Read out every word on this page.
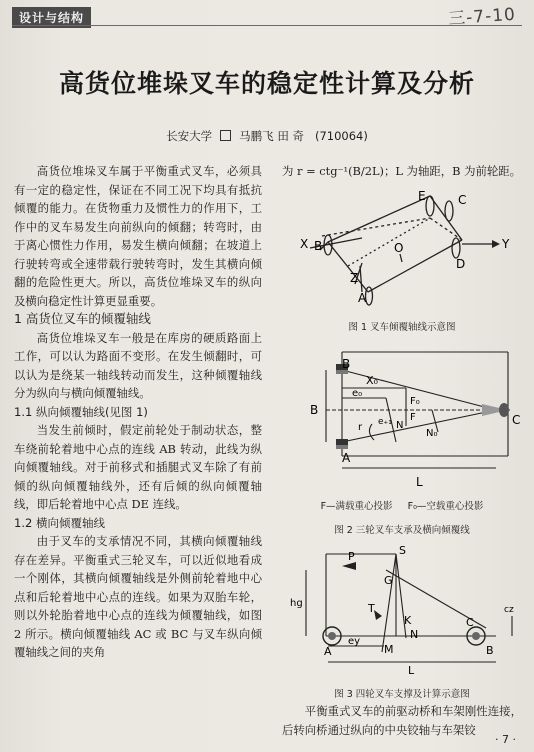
设计与结构	三-7-10
高货位堆垛叉车的稳定性计算及分析
长安大学 马鹏飞 田 奇 (710064)

高货位堆垛叉车属于平衡重式叉车，必须具有一定的稳定性，保证在不同工况下均具有抵抗倾覆的能力。在货物重力及惯性力的作用下，工作中的叉车易发生向前纵向的倾翻；转弯时，由于离心惯性力作用，易发生横向倾翻；在坡道上行驶转弯或全速带载行驶转弯时，发生其横向倾翻的危险性更大。所以，高货位堆垛叉车的纵向及横向稳定性计算更显重要。

1 高货位叉车的倾覆轴线

高货位堆垛叉车一般是在库房的硬质路面上工作，可以认为路面不变形。在发生倾翻时，可以认为是绕某一轴线转动而发生，这种倾覆轴线分为纵向与横向倾覆轴线。

1.1 纵向倾覆轴线(见图 1)

当发生前倾时，假定前轮处于制动状态，整车绕前轮着地中心点的连线 AB 转动，此线为纵向倾覆轴线。对于前移式和插腿式叉车除了有前倾的纵向倾覆轴线外，还有后倾的纵向倾覆轴线，即后轮着地中心点 DE 连线。

1.2 横向倾覆轴线

由于叉车的支承情况不同，其横向倾覆轴线存在差异。平衡重式三轮叉车，可以近似地看成一个刚体，其横向倾覆轴线是外侧前轮着地中心点和后轮着地中心点的连线。如果为双胎车轮，则以外轮胎着地中心点的连线为倾覆轴线，如图 2 所示。横向倾覆轴线 AC 或 BC 与叉车纵向倾覆轴线之间的夹角

为 r = ctg⁻¹(B/2L)；L 为轴距，B 为前轮距。
X	Y
Z
A
B
C
D
E
O
图 1 叉车倾覆轴线示意图
B
A
C
L
X₀
e₀
F₀
F
N₀
N
e₊₁
r
B
F—满载重心投影 F₀—空载重心投影
图 2 三轮叉车支承及横向倾覆线
S
P
G
T
K
hg
N
A	M	B
C
ey
L
cz
图 3 四轮叉车支撑及计算示意图

平衡重式叉车的前驱动桥和车架刚性连接，后转向桥通过纵向的中央铰轴与车架铰

· 7 ·
